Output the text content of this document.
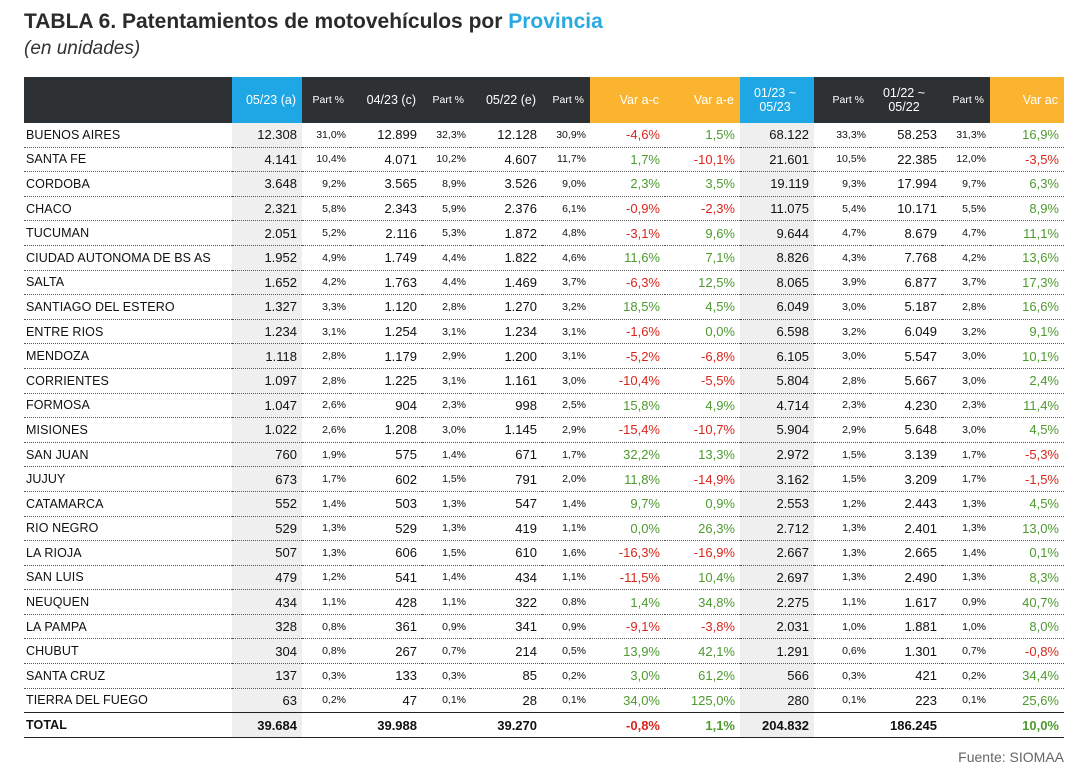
TABLA 6. Patentamientos de motovehículos por Provincia
(en unidades)
	05/23 (a)	Part %	04/23 (c)	Part %	05/22 (e)	Part %	Var a-c	Var a-e	01/23 ~ 05/23	Part %	01/22 ~ 05/22	Part %	Var ac
BUENOS AIRES	12.308	31,0%	12.899	32,3%	12.128	30,9%	-4,6%	1,5%	68.122	33,3%	58.253	31,3%	16,9%
SANTA FE	4.141	10,4%	4.071	10,2%	4.607	11,7%	1,7%	-10,1%	21.601	10,5%	22.385	12,0%	-3,5%
CORDOBA	3.648	9,2%	3.565	8,9%	3.526	9,0%	2,3%	3,5%	19.119	9,3%	17.994	9,7%	6,3%
CHACO	2.321	5,8%	2.343	5,9%	2.376	6,1%	-0,9%	-2,3%	11.075	5,4%	10.171	5,5%	8,9%
TUCUMAN	2.051	5,2%	2.116	5,3%	1.872	4,8%	-3,1%	9,6%	9.644	4,7%	8.679	4,7%	11,1%
CIUDAD AUTONOMA DE BS AS	1.952	4,9%	1.749	4,4%	1.822	4,6%	11,6%	7,1%	8.826	4,3%	7.768	4,2%	13,6%
SALTA	1.652	4,2%	1.763	4,4%	1.469	3,7%	-6,3%	12,5%	8.065	3,9%	6.877	3,7%	17,3%
SANTIAGO DEL ESTERO	1.327	3,3%	1.120	2,8%	1.270	3,2%	18,5%	4,5%	6.049	3,0%	5.187	2,8%	16,6%
ENTRE RIOS	1.234	3,1%	1.254	3,1%	1.234	3,1%	-1,6%	0,0%	6.598	3,2%	6.049	3,2%	9,1%
MENDOZA	1.118	2,8%	1.179	2,9%	1.200	3,1%	-5,2%	-6,8%	6.105	3,0%	5.547	3,0%	10,1%
CORRIENTES	1.097	2,8%	1.225	3,1%	1.161	3,0%	-10,4%	-5,5%	5.804	2,8%	5.667	3,0%	2,4%
FORMOSA	1.047	2,6%	904	2,3%	998	2,5%	15,8%	4,9%	4.714	2,3%	4.230	2,3%	11,4%
MISIONES	1.022	2,6%	1.208	3,0%	1.145	2,9%	-15,4%	-10,7%	5.904	2,9%	5.648	3,0%	4,5%
SAN JUAN	760	1,9%	575	1,4%	671	1,7%	32,2%	13,3%	2.972	1,5%	3.139	1,7%	-5,3%
JUJUY	673	1,7%	602	1,5%	791	2,0%	11,8%	-14,9%	3.162	1,5%	3.209	1,7%	-1,5%
CATAMARCA	552	1,4%	503	1,3%	547	1,4%	9,7%	0,9%	2.553	1,2%	2.443	1,3%	4,5%
RIO NEGRO	529	1,3%	529	1,3%	419	1,1%	0,0%	26,3%	2.712	1,3%	2.401	1,3%	13,0%
LA RIOJA	507	1,3%	606	1,5%	610	1,6%	-16,3%	-16,9%	2.667	1,3%	2.665	1,4%	0,1%
SAN LUIS	479	1,2%	541	1,4%	434	1,1%	-11,5%	10,4%	2.697	1,3%	2.490	1,3%	8,3%
NEUQUEN	434	1,1%	428	1,1%	322	0,8%	1,4%	34,8%	2.275	1,1%	1.617	0,9%	40,7%
LA PAMPA	328	0,8%	361	0,9%	341	0,9%	-9,1%	-3,8%	2.031	1,0%	1.881	1,0%	8,0%
CHUBUT	304	0,8%	267	0,7%	214	0,5%	13,9%	42,1%	1.291	0,6%	1.301	0,7%	-0,8%
SANTA CRUZ	137	0,3%	133	0,3%	85	0,2%	3,0%	61,2%	566	0,3%	421	0,2%	34,4%
TIERRA DEL FUEGO	63	0,2%	47	0,1%	28	0,1%	34,0%	125,0%	280	0,1%	223	0,1%	25,6%
TOTAL	39.684		39.988		39.270		-0,8%	1,1%	204.832		186.245		10,0%
Fuente: SIOMAA
